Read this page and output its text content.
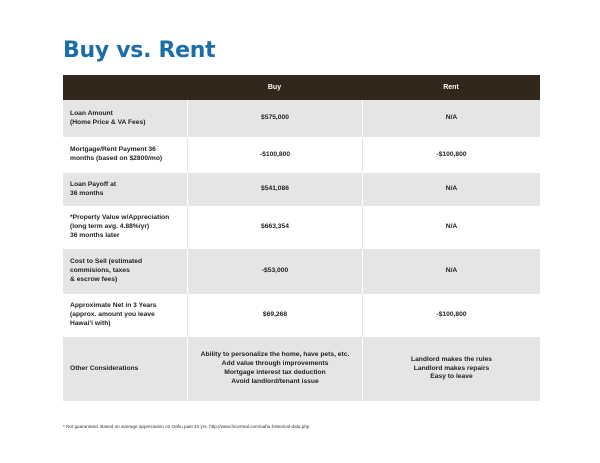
Buy vs. Rent
	Buy	Rent

Loan Amount
(Home Price & VA Fees)	$575,000	N/A

Mortgage/Rent Payment 36
months (based on $2800/mo)	-$100,800	-$100,800

Loan Payoff at
36 months	$541,086	N/A

*Property Value w/Appreciation
(long term avg. 4.88%/yr)
36 months later	$663,354	N/A

Cost to Sell (estimated
commisions, taxes
& escrow fees)	-$53,000	N/A

Approximate Net in 3 Years
(approx. amount you leave
Hawai‘i with)	$69,268	-$100,800

Other Considerations	Ability to personalize the home, have pets, etc.
Add value through improvements
Mortgage interest tax deduction
Avoid landlord/tenant issue	Landlord makes the rules
Landlord makes repairs
Easy to leave

* Not guaranteed. Based on average appreciation on Oahu past 40 yrs. http://www.hicentral.com/oahu-historical-data.php
